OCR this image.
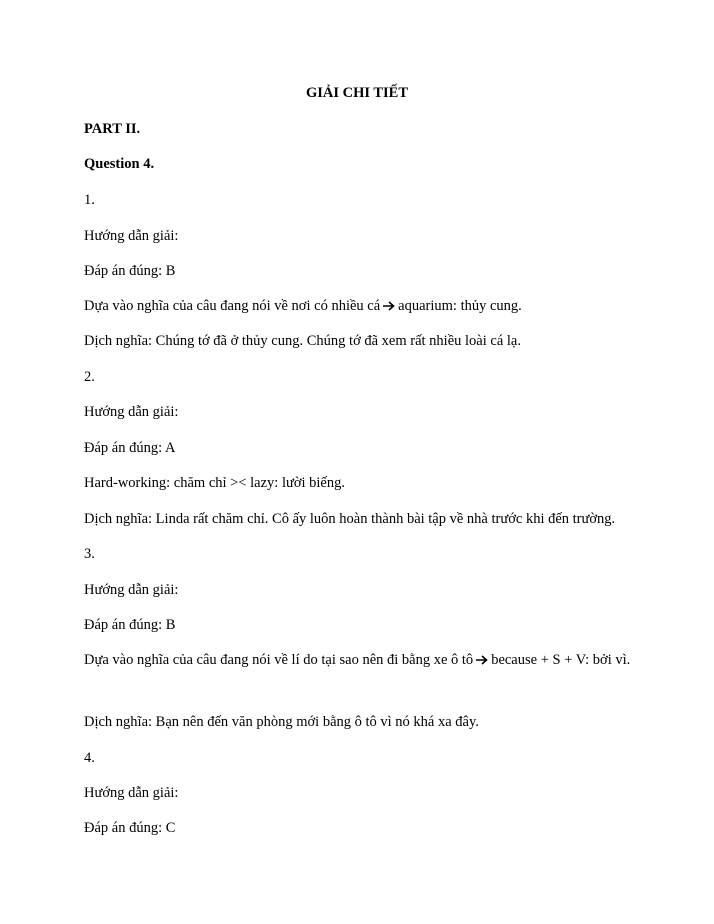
GIẢI CHI TIẾT
PART II.
Question 4.
1.
Hướng dẫn giải:
Đáp án đúng: B
Dựa vào nghĩa của câu đang nói về nơi có nhiều cá aquarium: thủy cung.
Dịch nghĩa: Chúng tớ đã ở thủy cung. Chúng tớ đã xem rất nhiều loài cá lạ.
2.
Hướng dẫn giải:
Đáp án đúng: A
Hard-working: chăm chỉ >< lazy: lười biếng.
Dịch nghĩa: Linda rất chăm chỉ. Cô ấy luôn hoàn thành bài tập về nhà trước khi đến trường.
3.
Hướng dẫn giải:
Đáp án đúng: B
Dựa vào nghĩa của câu đang nói về lí do tại sao nên đi bằng xe ô tô because + S + V: bởi vì.
Dịch nghĩa: Bạn nên đến văn phòng mới bằng ô tô vì nó khá xa đây.
4.
Hướng dẫn giải:
Đáp án đúng: C
